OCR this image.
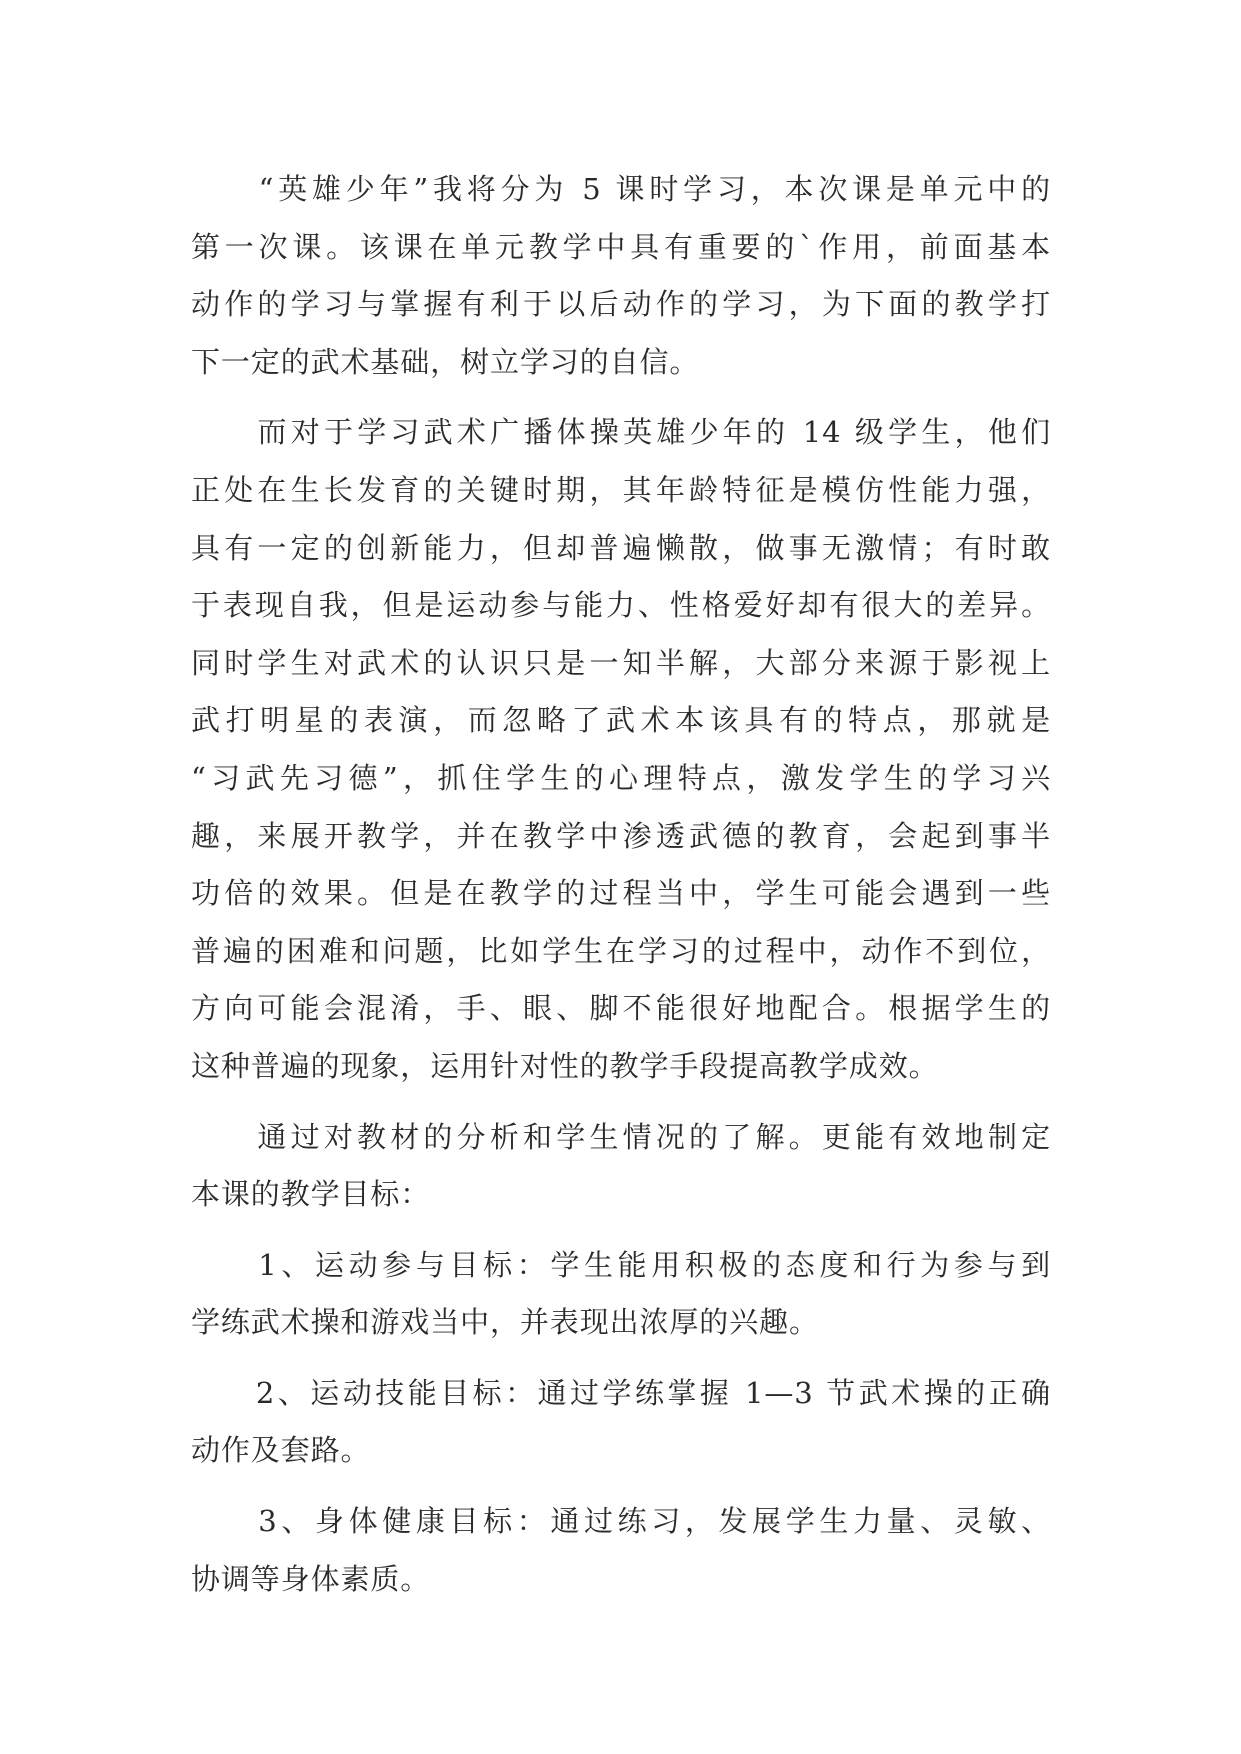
　　“英雄少年”我将分为 5 课时学习，本次课是单元中的
第一次课。该课在单元教学中具有重要的`作用，前面基本
动作的学习与掌握有利于以后动作的学习，为下面的教学打
下一定的武术基础，树立学习的自信。
　　而对于学习武术广播体操英雄少年的 14 级学生，他们
正处在生长发育的关键时期，其年龄特征是模仿性能力强，
具有一定的创新能力，但却普遍懒散，做事无激情；有时敢
于表现自我，但是运动参与能力、性格爱好却有很大的差异。
同时学生对武术的认识只是一知半解，大部分来源于影视上
武打明星的表演，而忽略了武术本该具有的特点，那就是
“习武先习德”，抓住学生的心理特点，激发学生的学习兴
趣，来展开教学，并在教学中渗透武德的教育，会起到事半
功倍的效果。但是在教学的过程当中，学生可能会遇到一些
普遍的困难和问题，比如学生在学习的过程中，动作不到位，
方向可能会混淆，手、眼、脚不能很好地配合。根据学生的
这种普遍的现象，运用针对性的教学手段提高教学成效。
　　通过对教材的分析和学生情况的了解。更能有效地制定
本课的教学目标：
　　1、运动参与目标：学生能用积极的态度和行为参与到
学练武术操和游戏当中，并表现出浓厚的兴趣。
　　2、运动技能目标：通过学练掌握 1—3 节武术操的正确
动作及套路。
　　3、身体健康目标：通过练习，发展学生力量、灵敏、
协调等身体素质。
